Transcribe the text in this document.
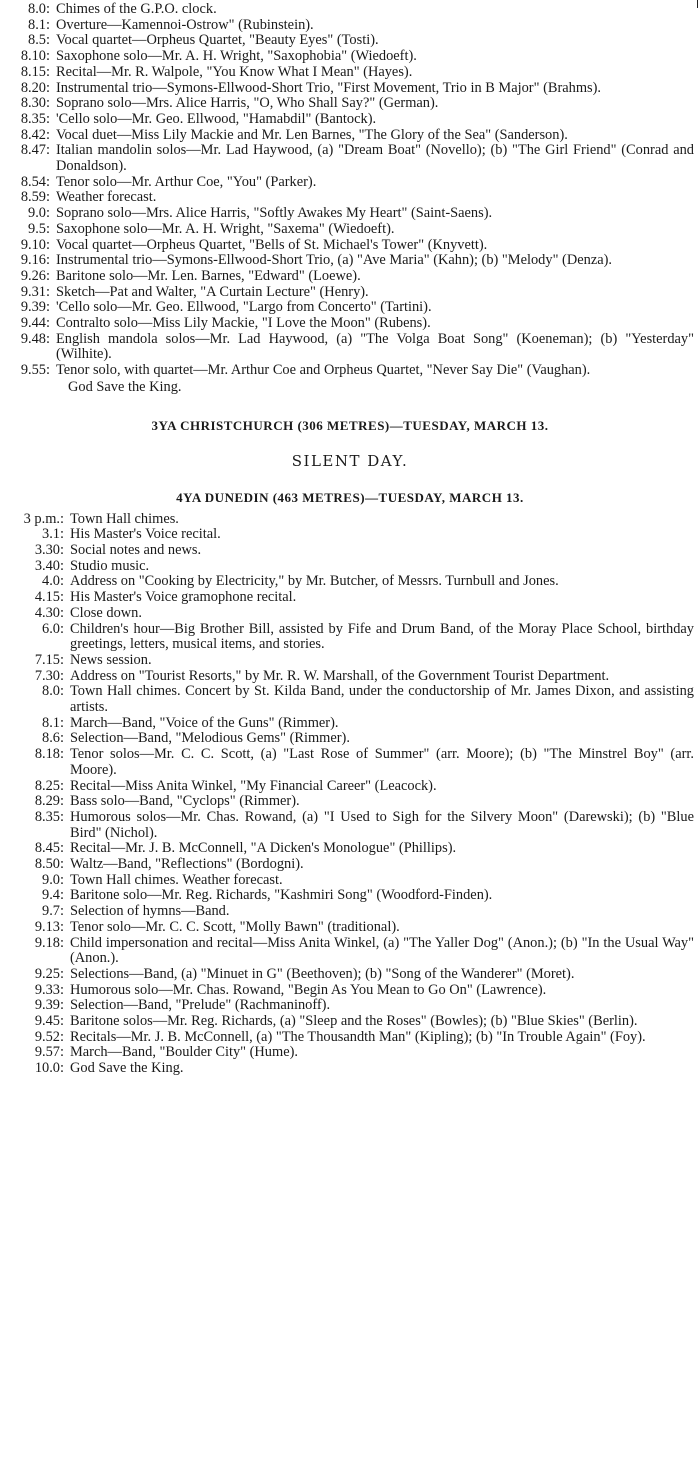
8.0: Chimes of the G.P.O. clock.
8.1: Overture—Kamennoi-Ostrow" (Rubinstein).
8.5: Vocal quartet—Orpheus Quartet, "Beauty Eyes" (Tosti).
8.10: Saxophone solo—Mr. A. H. Wright, "Saxophobia" (Wiedoeft).
8.15: Recital—Mr. R. Walpole, "You Know What I Mean" (Hayes).
8.20: Instrumental trio—Symons-Ellwood-Short Trio, "First Movement, Trio in B Major" (Brahms).
8.30: Soprano solo—Mrs. Alice Harris, "O, Who Shall Say?" (German).
8.35: 'Cello solo—Mr. Geo. Ellwood, "Hamabdil" (Bantock).
8.42: Vocal duet—Miss Lily Mackie and Mr. Len Barnes, "The Glory of the Sea" (Sanderson).
8.47: Italian mandolin solos—Mr. Lad Haywood, (a) "Dream Boat" (Novello); (b) "The Girl Friend" (Conrad and Donaldson).
8.54: Tenor solo—Mr. Arthur Coe, "You" (Parker).
8.59: Weather forecast.
9.0: Soprano solo—Mrs. Alice Harris, "Softly Awakes My Heart" (Saint-Saens).
9.5: Saxophone solo—Mr. A. H. Wright, "Saxema" (Wiedoeft).
9.10: Vocal quartet—Orpheus Quartet, "Bells of St. Michael's Tower" (Knyvett).
9.16: Instrumental trio—Symons-Ellwood-Short Trio, (a) "Ave Maria" (Kahn); (b) "Melody" (Denza).
9.26: Baritone solo—Mr. Len. Barnes, "Edward" (Loewe).
9.31: Sketch—Pat and Walter, "A Curtain Lecture" (Henry).
9.39: 'Cello solo—Mr. Geo. Ellwood, "Largo from Concerto" (Tartini).
9.44: Contralto solo—Miss Lily Mackie, "I Love the Moon" (Rubens).
9.48: English mandola solos—Mr. Lad Haywood, (a) "The Volga Boat Song" (Koeneman); (b) "Yesterday" (Wilhite).
9.55: Tenor solo, with quartet—Mr. Arthur Coe and Orpheus Quartet, "Never Say Die" (Vaughan).
God Save the King.
3YA CHRISTCHURCH (306 METRES)—TUESDAY, MARCH 13.
SILENT DAY.
4YA DUNEDIN (463 METRES)—TUESDAY, MARCH 13.
3 p.m.: Town Hall chimes.
3.1: His Master's Voice recital.
3.30: Social notes and news.
3.40: Studio music.
4.0: Address on "Cooking by Electricity," by Mr. Butcher, of Messrs. Turnbull and Jones.
4.15: His Master's Voice gramophone recital.
4.30: Close down.
6.0: Children's hour—Big Brother Bill, assisted by Fife and Drum Band, of the Moray Place School, birthday greetings, letters, musical items, and stories.
7.15: News session.
7.30: Address on "Tourist Resorts," by Mr. R. W. Marshall, of the Government Tourist Department.
8.0: Town Hall chimes. Concert by St. Kilda Band, under the conductorship of Mr. James Dixon, and assisting artists.
8.1: March—Band, "Voice of the Guns" (Rimmer).
8.6: Selection—Band, "Melodious Gems" (Rimmer).
8.18: Tenor solos—Mr. C. C. Scott, (a) "Last Rose of Summer" (arr. Moore); (b) "The Minstrel Boy" (arr. Moore).
8.25: Recital—Miss Anita Winkel, "My Financial Career" (Leacock).
8.29: Bass solo—Band, "Cyclops" (Rimmer).
8.35: Humorous solos—Mr. Chas. Rowand, (a) "I Used to Sigh for the Silvery Moon" (Darewski); (b) "Blue Bird" (Nichol).
8.45: Recital—Mr. J. B. McConnell, "A Dicken's Monologue" (Phillips).
8.50: Waltz—Band, "Reflections" (Bordogni).
9.0: Town Hall chimes. Weather forecast.
9.4: Baritone solo—Mr. Reg. Richards, "Kashmiri Song" (Woodford-Finden).
9.7: Selection of hymns—Band.
9.13: Tenor solo—Mr. C. C. Scott, "Molly Bawn" (traditional).
9.18: Child impersonation and recital—Miss Anita Winkel, (a) "The Yaller Dog" (Anon.); (b) "In the Usual Way" (Anon.).
9.25: Selections—Band, (a) "Minuet in G" (Beethoven); (b) "Song of the Wanderer" (Moret).
9.33: Humorous solo—Mr. Chas. Rowand, "Begin As You Mean to Go On" (Lawrence).
9.39: Selection—Band, "Prelude" (Rachmaninoff).
9.45: Baritone solos—Mr. Reg. Richards, (a) "Sleep and the Roses" (Bowles); (b) "Blue Skies" (Berlin).
9.52: Recitals—Mr. J. B. McConnell, (a) "The Thousandth Man" (Kipling); (b) "In Trouble Again" (Foy).
9.57: March—Band, "Boulder City" (Hume).
10.0: God Save the King.
